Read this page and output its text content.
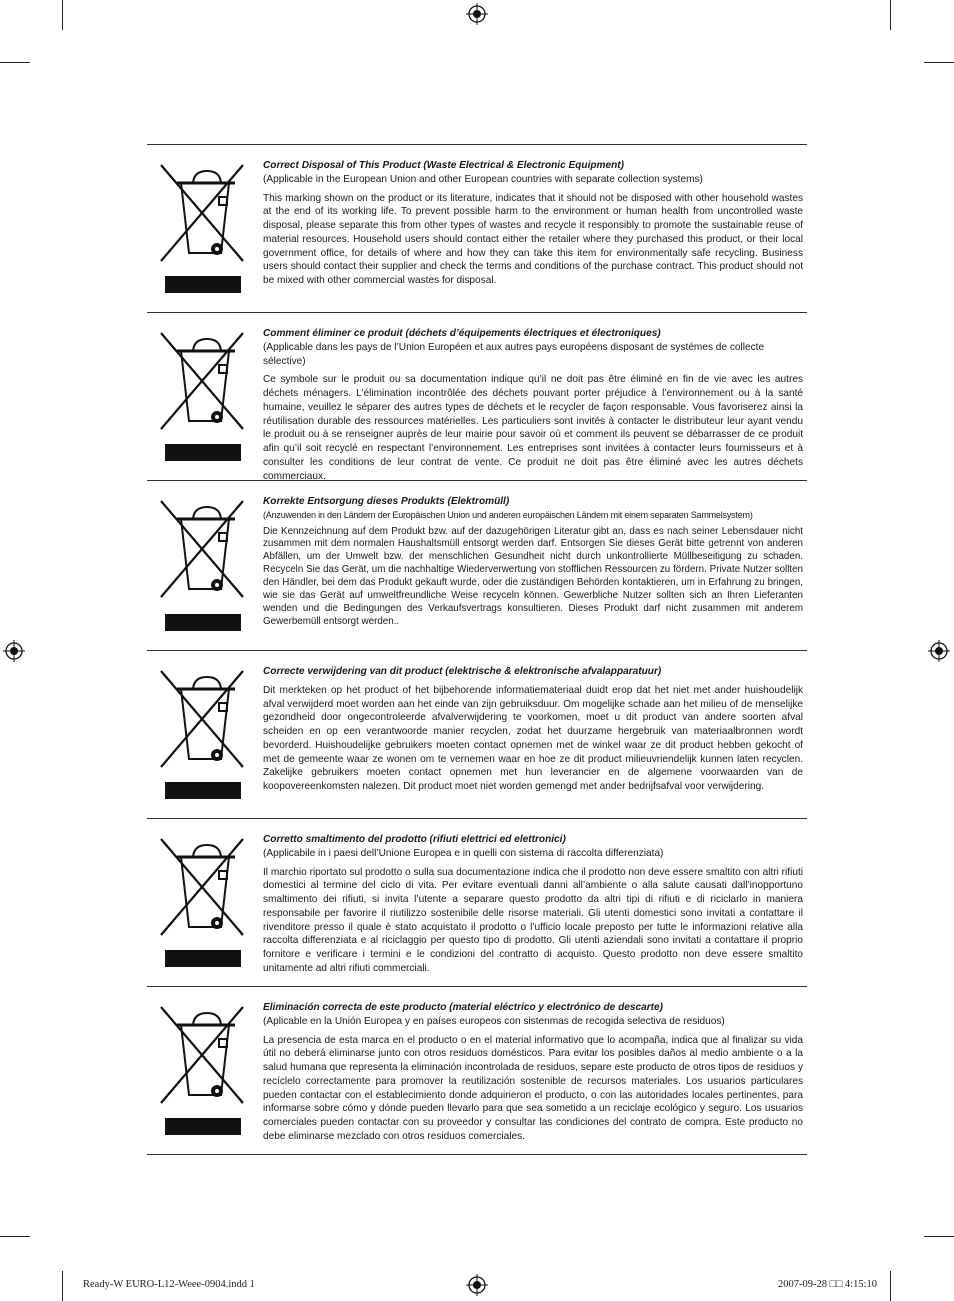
Correct Disposal of This Product (Waste Electrical & Electronic Equipment)

(Applicable in the European Union and other European countries with separate collection systems)

This marking shown on the product or its literature, indicates that it should not be disposed with other household wastes at the end of its working life. To prevent possible harm to the environment or human health from uncontrolled waste disposal, please separate this from other types of wastes and recycle it responsibly to promote the sustainable reuse of material resources. Household users should contact either the retailer where they purchased this product, or their local government office, for details of where and how they can take this item for environmentally safe recycling. Business users should contact their supplier and check the terms and conditions of the purchase contract. This product should not be mixed with other commercial wastes for disposal.

Comment éliminer ce produit (déchets d’équipements électriques et électroniques)

(Applicable dans les pays de l’Union Européen et aux autres pays européens disposant de systémes de collecte sélective)

Ce symbole sur le produit ou sa documentation indique qu’il ne doit pas être éliminé en fin de vie avec les autres déchets ménagers. L’élimination incontrôlée des déchets pouvant porter préjudice à l’environnement ou à la santé humaine, veuillez le séparer des autres types de déchets et le recycler de façon responsable. Vous favoriserez ainsi la réutilisation durable des ressources matérielles. Les particuliers sont invités à contacter le distributeur leur ayant vendu le produit ou à se renseigner auprès de leur mairie pour savoir où et comment ils peuvent se débarrasser de ce produit afin qu’il soit recyclé en respectant l’environnement. Les entreprises sont invitées à contacter leurs fournisseurs et à consulter les conditions de leur contrat de vente. Ce produit ne doit pas être éliminé avec les autres déchets commerciaux.

Korrekte Entsorgung dieses Produkts (Elektromüll)

(Anzuwenden in den Ländern der Europäischen Union und anderen europäischen Ländern mit einem separaten Sammelsystem)

Die Kennzeichnung auf dem Produkt bzw. auf der dazugehörigen Literatur gibt an, dass es nach seiner Lebensdauer nicht zusammen mit dem normalen Haushaltsmüll entsorgt werden darf. Entsorgen Sie dieses Gerät bitte getrennt von anderen Abfällen, um der Umwelt bzw. der menschlichen Gesundheit nicht durch unkontrollierte Müllbeseitigung zu schaden. Recyceln Sie das Gerät, um die nachhaltige Wiederverwertung von stofflichen Ressourcen zu fördern. Private Nutzer sollten den Händler, bei dem das Produkt gekauft wurde, oder die zuständigen Behörden kontaktieren, um in Erfahrung zu bringen, wie sie das Gerät auf umweltfreundliche Weise recyceln können. Gewerbliche Nutzer sollten sich an Ihren Lieferanten wenden und die Bedingungen des Verkaufsvertrags konsultieren. Dieses Produkt darf nicht zusammen mit anderem Gewerbemüll entsorgt werden..

Correcte verwijdering van dit product (elektrische & elektronische afvalapparatuur)

Dit merkteken op het product of het bijbehorende informatiemateriaal duidt erop dat het niet met ander huishoudelijk afval verwijderd moet worden aan het einde van zijn gebruiksduur. Om mogelijke schade aan het milieu of de menselijke gezondheid door ongecontroleerde afvalverwijdering te voorkomen, moet u dit product van andere soorten afval scheiden en op een verantwoorde manier recyclen, zodat het duurzame hergebruik van materiaalbronnen wordt bevorderd. Huishoudelijke gebruikers moeten contact opnemen met de winkel waar ze dit product hebben gekocht of met de gemeente waar ze wonen om te vernemen waar en hoe ze dit product milieuvriendelijk kunnen laten recyclen. Zakelijke gebruikers moeten contact opnemen met hun leverancier en de algemene voorwaarden van de koopovereenkomsten nalezen. Dit product moet niet worden gemengd met ander bedrijfsafval voor verwijdering.

Corretto smaltimento del prodotto (rifiuti elettrici ed elettronici)

(Applicabile in i paesi dell’Unione Europea e in quelli con sistema di raccolta differenziata)

Il marchio riportato sul prodotto o sulla sua documentazione indica che il prodotto non deve essere smaltito con altri rifiuti domestici al termine del ciclo di vita. Per evitare eventuali danni all’ambiente o alla salute causati dall’inopportuno smaltimento dei rifiuti, si invita l’utente a separare questo prodotto da altri tipi di rifiuti e di riciclarlo in maniera responsabile per favorire il riutilizzo sostenibile delle risorse materiali. Gli utenti domestici sono invitati a contattare il rivenditore presso il quale è stato acquistato il prodotto o l’ufficio locale preposto per tutte le informazioni relative alla raccolta differenziata e al riciclaggio per questo tipo di prodotto. Gli utenti aziendali sono invitati a contattare il proprio fornitore e verificare i termini e le condizioni del contratto di acquisto. Questo prodotto non deve essere smaltito unitamente ad altri rifiuti commerciali.

Eliminación correcta de este producto (material eléctrico y electrónico de descarte)

(Aplicable en la Unión Europea y en países europeos con sistenmas de recogida selectiva de residuos)

La presencia de esta marca en el producto o en el material informativo que lo acompaña, indica que al finalizar su vida útil no deberá eliminarse junto con otros residuos domésticos. Para evitar los posibles daños al medio ambiente o a la salud humana que representa la eliminación incontrolada de residuos, separe este producto de otros tipos de residuos y recíclelo correctamente para promover la reutilización sostenible de recursos materiales. Los usuarios particulares pueden contactar con el establecimiento donde adquirieron el producto, o con las autoridades locales pertinentes, para informarse sobre cómo y dónde pueden llevarlo para que sea sometido a un reciclaje ecológico y seguro. Los usuarios comerciales pueden contactar con su proveedor y consultar las condiciones del contrato de compra. Este producto no debe eliminarse mezclado con otros residuos comerciales.

Ready-W EURO-L12-Weee-0904.indd 1	2007-09-28 □□ 4:15:10
